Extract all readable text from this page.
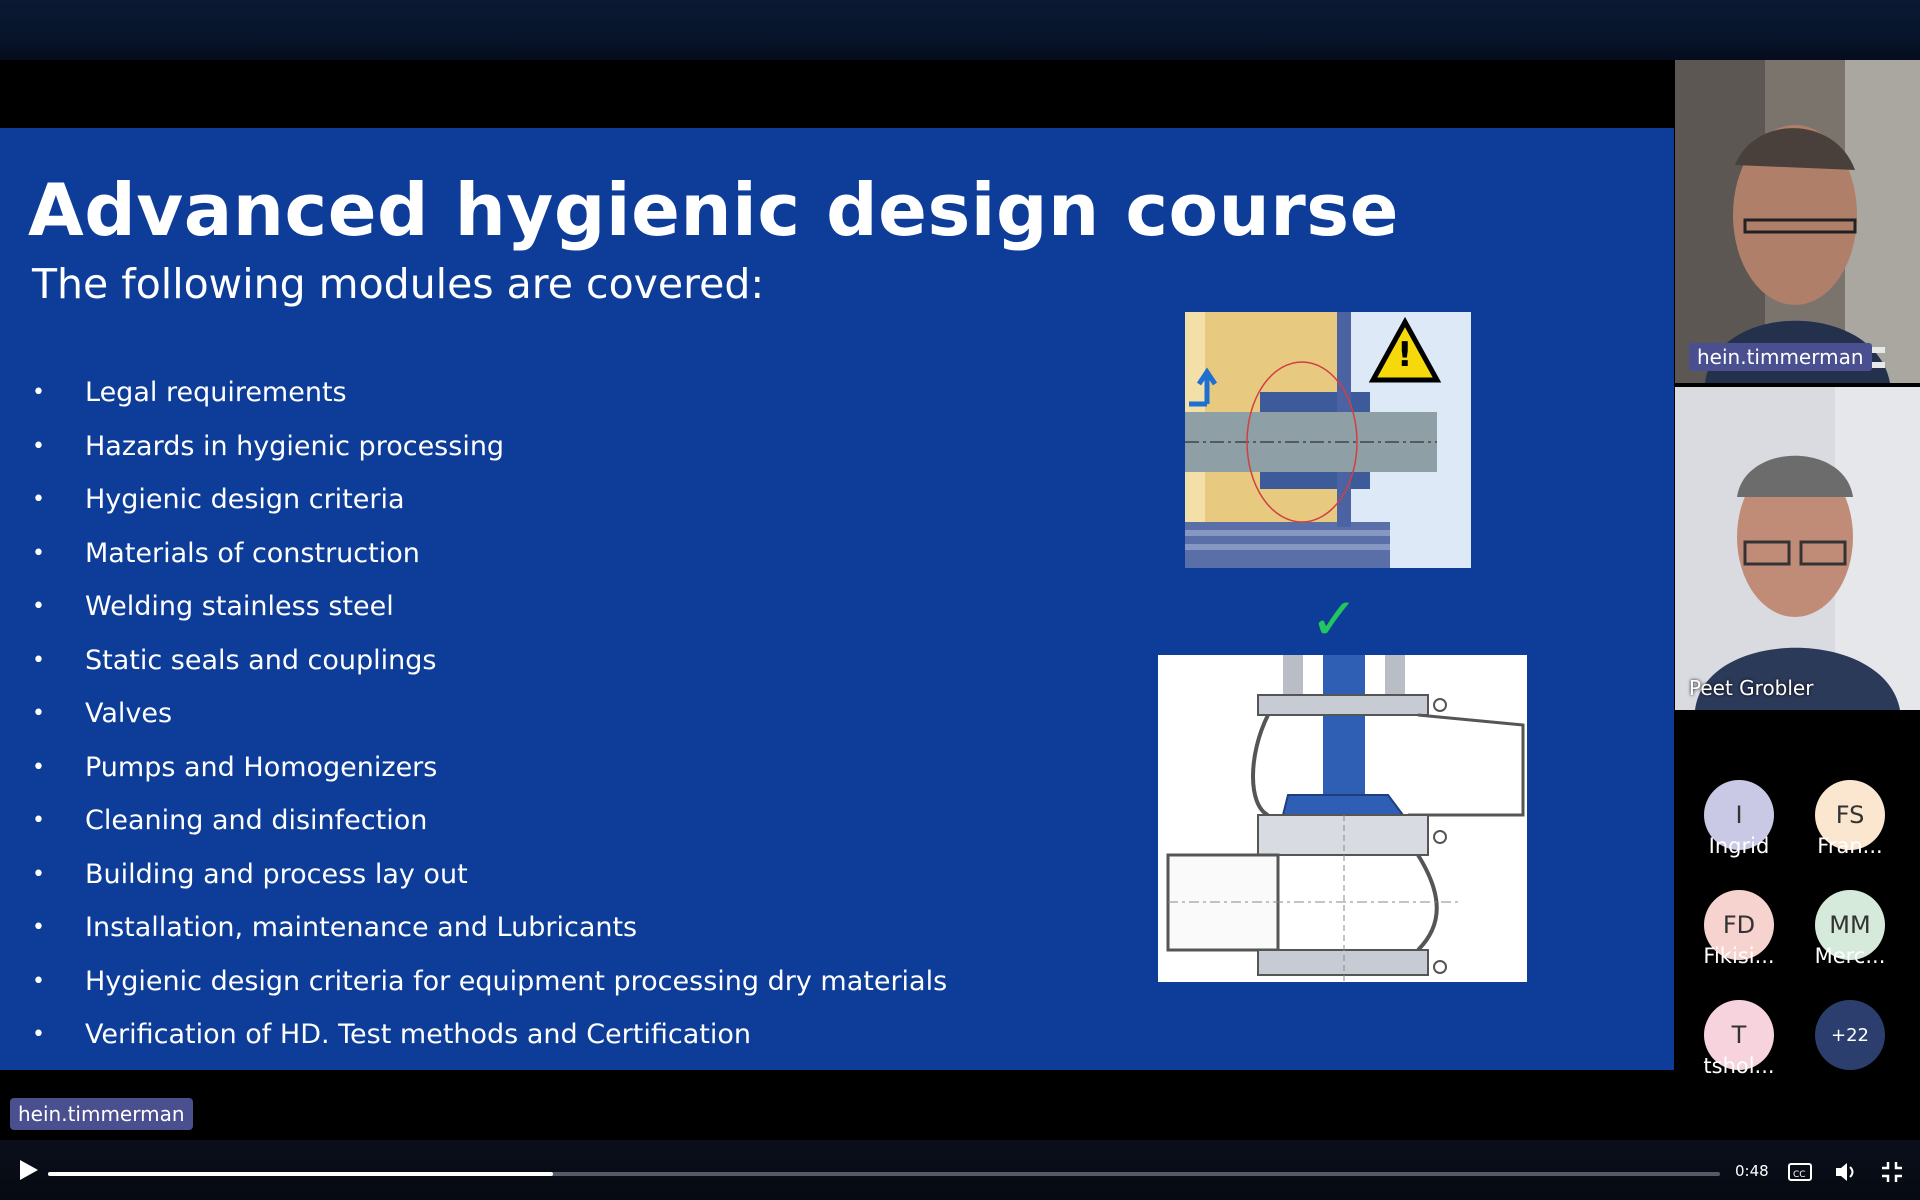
Advanced hygienic design course
The following modules are covered:
•	Legal requirements
•	Hazards in hygienic processing
•	Hygienic design criteria
•	Materials of construction
•	Welding stainless steel
•	Static seals and couplings
•	Valves
•	Pumps and Homogenizers
•	Cleaning and disinfection
•	Building and process lay out
•	Installation, maintenance and Lubricants
•	Hygienic design criteria for equipment processing dry materials
•	Verification of HD. Test methods and Certification
!
✓
hein.timmerman
Peet Grobler
I
Ingrid
FS
Fran...
FD
Fikisi...
MM
Merc...
T
tshol...
+22
hein.timmerman
0:48	CC
